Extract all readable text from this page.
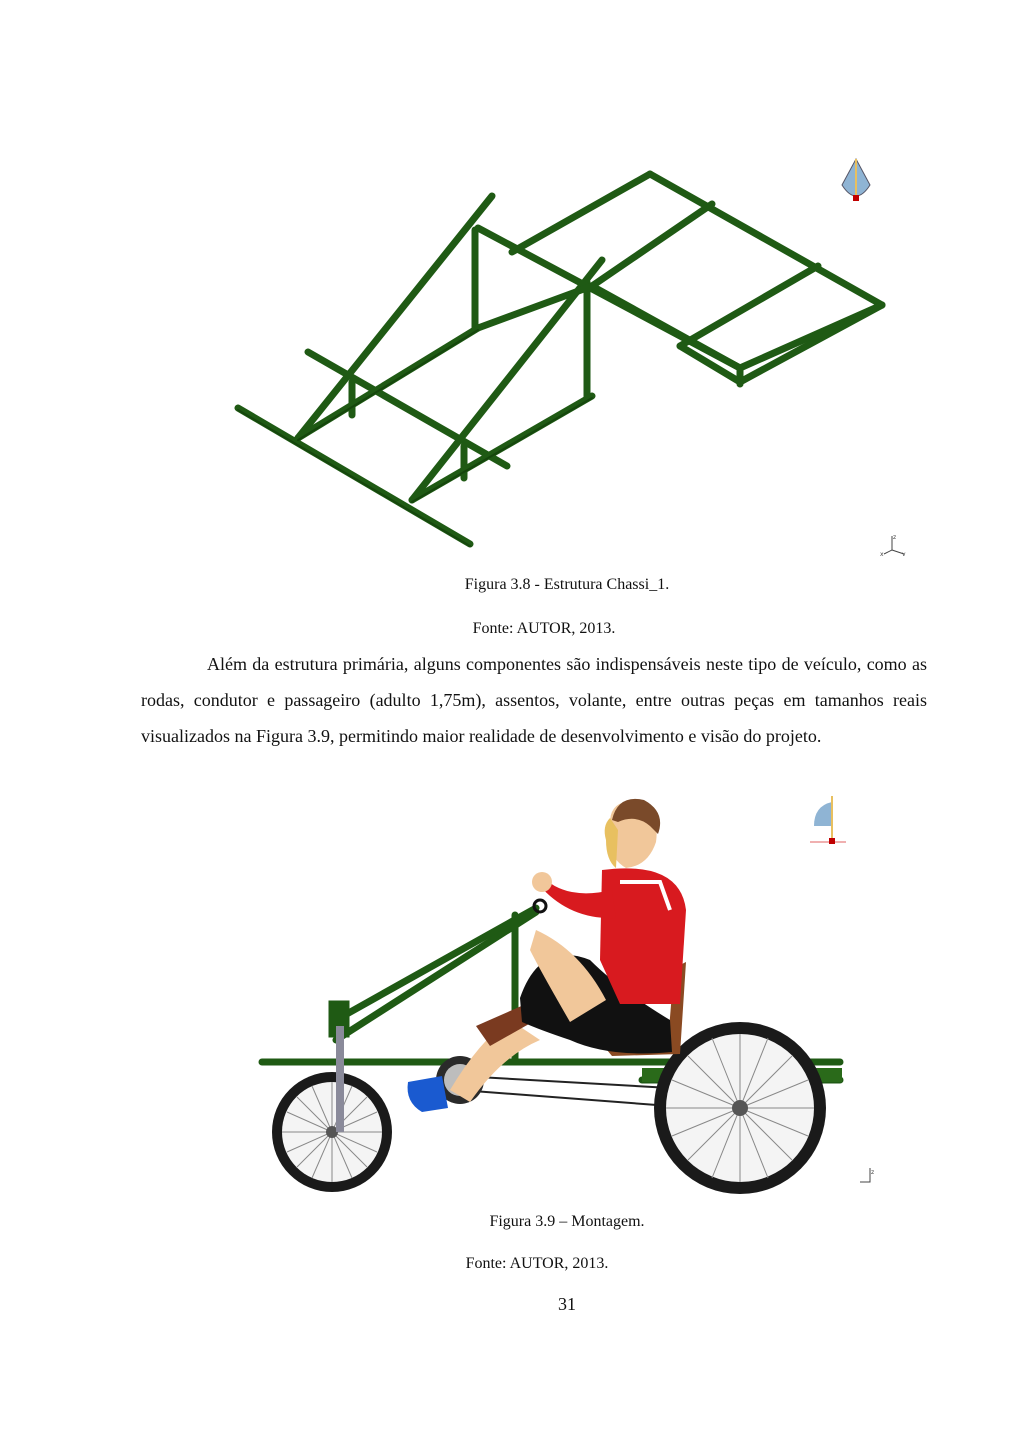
z
y
x
Figura 3.8 - Estrutura Chassi_1.
Fonte: AUTOR, 2013.
Além da estrutura primária, alguns componentes são indispensáveis neste tipo de veículo, como as rodas, condutor e passageiro (adulto 1,75m), assentos, volante, entre outras peças em tamanhos reais visualizados na Figura 3.9, permitindo maior realidade de desenvolvimento e visão do projeto.
z
Figura 3.9 – Montagem.
Fonte: AUTOR, 2013.
31
